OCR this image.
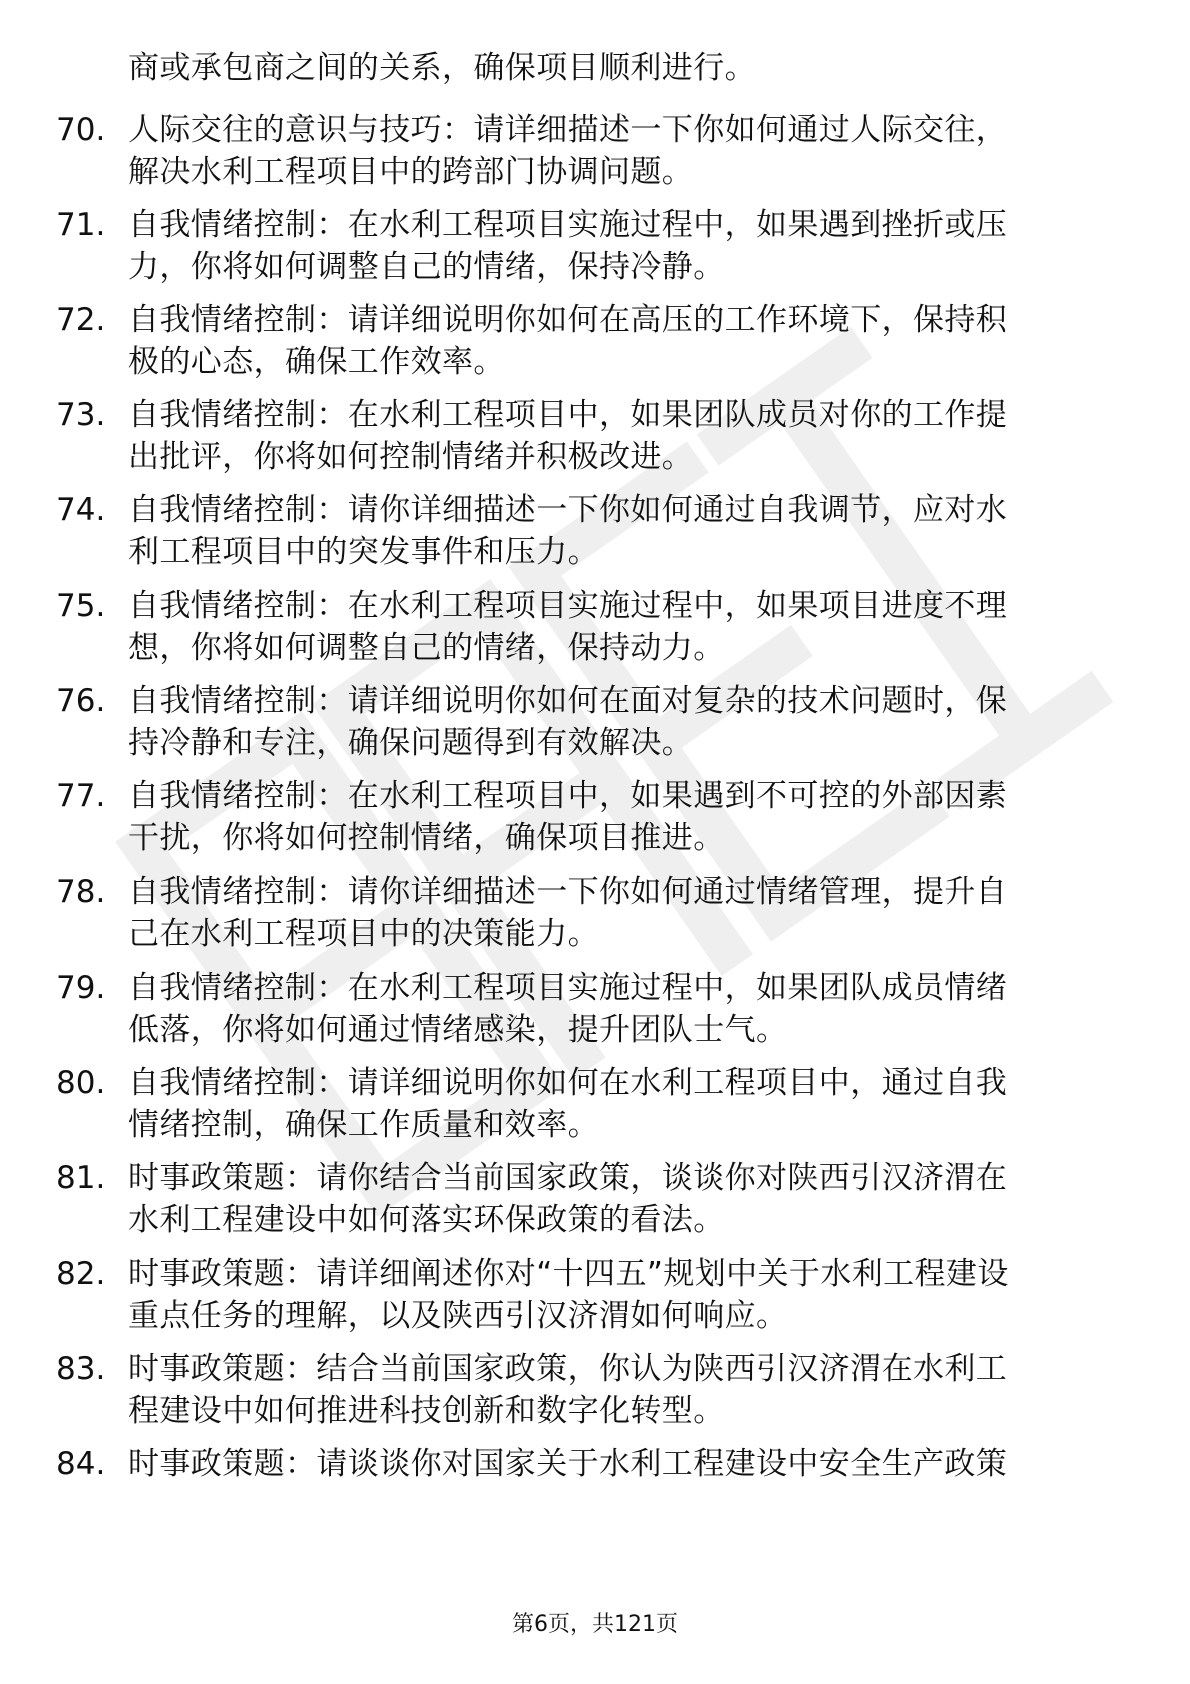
商或承包商之间的关系，确保项目顺利进行。
70. 人际交往的意识与技巧：请详细描述一下你如何通过人际交往，
解决水利工程项目中的跨部门协调问题。
71. 自我情绪控制：在水利工程项目实施过程中，如果遇到挫折或压
力，你将如何调整自己的情绪，保持冷静。
72. 自我情绪控制：请详细说明你如何在高压的工作环境下，保持积
极的心态，确保工作效率。
73. 自我情绪控制：在水利工程项目中，如果团队成员对你的工作提
出批评，你将如何控制情绪并积极改进。
74. 自我情绪控制：请你详细描述一下你如何通过自我调节，应对水
利工程项目中的突发事件和压力。
75. 自我情绪控制：在水利工程项目实施过程中，如果项目进度不理
想，你将如何调整自己的情绪，保持动力。
76. 自我情绪控制：请详细说明你如何在面对复杂的技术问题时，保
持冷静和专注，确保问题得到有效解决。
77. 自我情绪控制：在水利工程项目中，如果遇到不可控的外部因素
干扰，你将如何控制情绪，确保项目推进。
78. 自我情绪控制：请你详细描述一下你如何通过情绪管理，提升自
己在水利工程项目中的决策能力。
79. 自我情绪控制：在水利工程项目实施过程中，如果团队成员情绪
低落，你将如何通过情绪感染，提升团队士气。
80. 自我情绪控制：请详细说明你如何在水利工程项目中，通过自我
情绪控制，确保工作质量和效率。
81. 时事政策题：请你结合当前国家政策，谈谈你对陕西引汉济渭在
水利工程建设中如何落实环保政策的看法。
82. 时事政策题：请详细阐述你对“十四五”规划中关于水利工程建设
重点任务的理解，以及陕西引汉济渭如何响应。
83. 时事政策题：结合当前国家政策，你认为陕西引汉济渭在水利工
程建设中如何推进科技创新和数字化转型。
84. 时事政策题：请谈谈你对国家关于水利工程建设中安全生产政策
第6页，共121页
